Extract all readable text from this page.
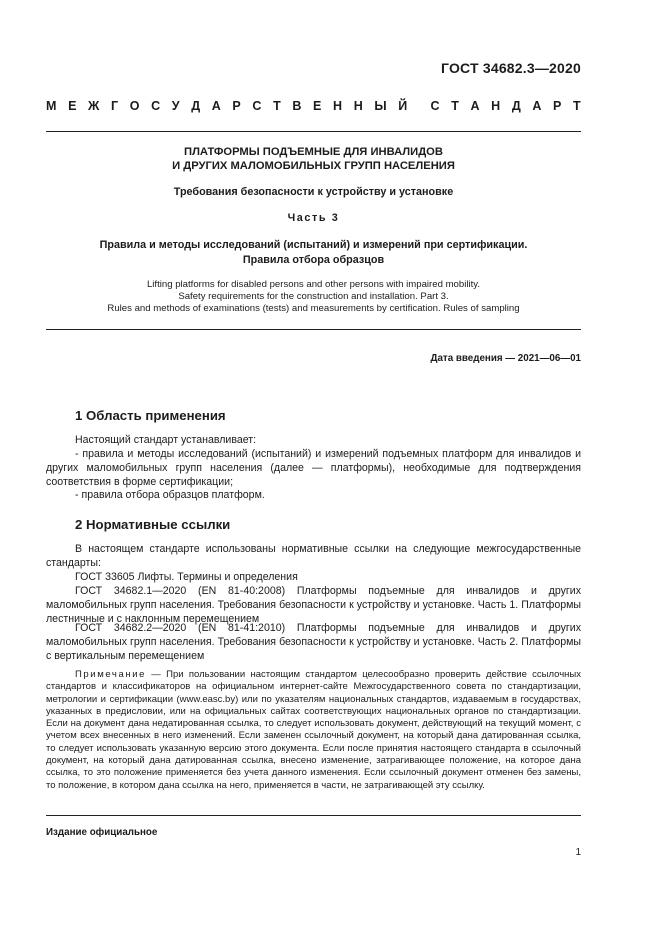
ГОСТ 34682.3—2020
М Е Ж Г О С У Д А Р С Т В Е Н Н Ы Й С Т А Н Д А Р Т
ПЛАТФОРМЫ ПОДЪЕМНЫЕ ДЛЯ ИНВАЛИДОВ
И ДРУГИХ МАЛОМОБИЛЬНЫХ ГРУПП НАСЕЛЕНИЯ
Требования безопасности к устройству и установке
Часть 3
Правила и методы исследований (испытаний) и измерений при сертификации.
Правила отбора образцов
Lifting platforms for disabled persons and other persons with impaired mobility.
Safety requirements for the construction and installation. Part 3.
Rules and methods of examinations (tests) and measurements by certification. Rules of sampling
Дата введения — 2021—06—01
1 Область применения
Настоящий стандарт устанавливает:
- правила и методы исследований (испытаний) и измерений подъемных платформ для инвалидов и других маломобильных групп населения (далее — платформы), необходимые для подтверждения соответствия в форме сертификации;
- правила отбора образцов платформ.
2 Нормативные ссылки
В настоящем стандарте использованы нормативные ссылки на следующие межгосударственные стандарты:
ГОСТ 33605 Лифты. Термины и определения
ГОСТ 34682.1—2020 (EN 81-40:2008) Платформы подъемные для инвалидов и других маломобильных групп населения. Требования безопасности к устройству и установке. Часть 1. Платформы лестничные и с наклонным перемещением
ГОСТ 34682.2—2020 (EN 81-41:2010) Платформы подъемные для инвалидов и других маломобильных групп населения. Требования безопасности к устройству и установке. Часть 2. Платформы с вертикальным перемещением
Примечание — При пользовании настоящим стандартом целесообразно проверить действие ссылочных стандартов и классификаторов на официальном интернет-сайте Межгосударственного совета по стандартизации, метрологии и сертификации (www.easc.by) или по указателям национальных стандартов, издаваемым в государствах, указанных в предисловии, или на официальных сайтах соответствующих национальных органов по стандартизации. Если на документ дана недатированная ссылка, то следует использовать документ, действующий на текущий момент, с учетом всех внесенных в него изменений. Если заменен ссылочный документ, на который дана датированная ссылка, то следует использовать указанную версию этого документа. Если после принятия настоящего стандарта в ссылочный документ, на который дана датированная ссылка, внесено изменение, затрагивающее положение, на которое дана ссылка, то это положение применяется без учета данного изменения. Если ссылочный документ отменен без замены, то положение, в котором дана ссылка на него, применяется в части, не затрагивающей эту ссылку.
Издание официальное
1
